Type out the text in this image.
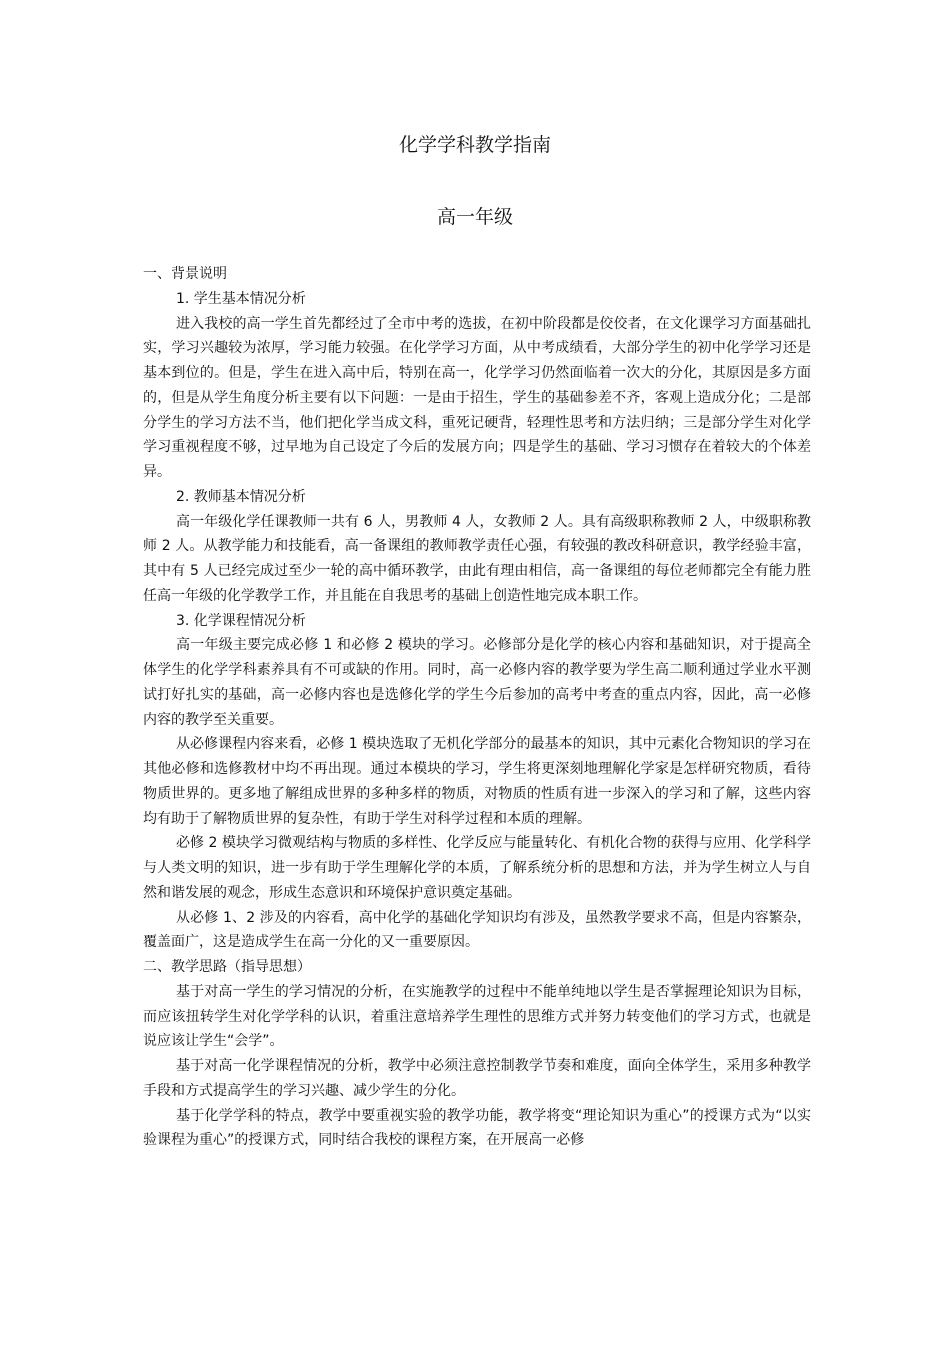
化学学科教学指南
高一年级

一、背景说明

1. 学生基本情况分析

进入我校的高一学生首先都经过了全市中考的选拔，在初中阶段都是佼佼者，在文化课学习方面基础扎实，学习兴趣较为浓厚，学习能力较强。在化学学习方面，从中考成绩看，大部分学生的初中化学学习还是基本到位的。但是，学生在进入高中后，特别在高一，化学学习仍然面临着一次大的分化，其原因是多方面的，但是从学生角度分析主要有以下问题：一是由于招生，学生的基础参差不齐，客观上造成分化；二是部分学生的学习方法不当，他们把化学当成文科，重死记硬背，轻理性思考和方法归纳；三是部分学生对化学学习重视程度不够，过早地为自己设定了今后的发展方向；四是学生的基础、学习习惯存在着较大的个体差异。

2. 教师基本情况分析

高一年级化学任课教师一共有 6 人，男教师 4 人，女教师 2 人。具有高级职称教师 2 人，中级职称教师 2 人。从教学能力和技能看，高一备课组的教师教学责任心强，有较强的教改科研意识，教学经验丰富，其中有 5 人已经完成过至少一轮的高中循环教学，由此有理由相信，高一备课组的每位老师都完全有能力胜任高一年级的化学教学工作，并且能在自我思考的基础上创造性地完成本职工作。

3. 化学课程情况分析

高一年级主要完成必修 1 和必修 2 模块的学习。必修部分是化学的核心内容和基础知识，对于提高全体学生的化学学科素养具有不可或缺的作用。同时，高一必修内容的教学要为学生高二顺利通过学业水平测试打好扎实的基础，高一必修内容也是选修化学的学生今后参加的高考中考查的重点内容，因此，高一必修内容的教学至关重要。

从必修课程内容来看，必修 1 模块选取了无机化学部分的最基本的知识，其中元素化合物知识的学习在其他必修和选修教材中均不再出现。通过本模块的学习，学生将更深刻地理解化学家是怎样研究物质，看待物质世界的。更多地了解组成世界的多种多样的物质，对物质的性质有进一步深入的学习和了解，这些内容均有助于了解物质世界的复杂性，有助于学生对科学过程和本质的理解。

必修 2 模块学习微观结构与物质的多样性、化学反应与能量转化、有机化合物的获得与应用、化学科学与人类文明的知识，进一步有助于学生理解化学的本质，了解系统分析的思想和方法，并为学生树立人与自然和谐发展的观念，形成生态意识和环境保护意识奠定基础。

从必修 1、2 涉及的内容看，高中化学的基础化学知识均有涉及，虽然教学要求不高，但是内容繁杂，覆盖面广，这是造成学生在高一分化的又一重要原因。

二、教学思路（指导思想）

基于对高一学生的学习情况的分析，在实施教学的过程中不能单纯地以学生是否掌握理论知识为目标，而应该扭转学生对化学学科的认识，着重注意培养学生理性的思维方式并努力转变他们的学习方式，也就是说应该让学生“会学”。

基于对高一化学课程情况的分析，教学中必须注意控制教学节奏和难度，面向全体学生，采用多种教学手段和方式提高学生的学习兴趣、减少学生的分化。

基于化学学科的特点，教学中要重视实验的教学功能，教学将变“理论知识为重心”的授课方式为“以实验课程为重心”的授课方式，同时结合我校的课程方案，在开展高一必修
